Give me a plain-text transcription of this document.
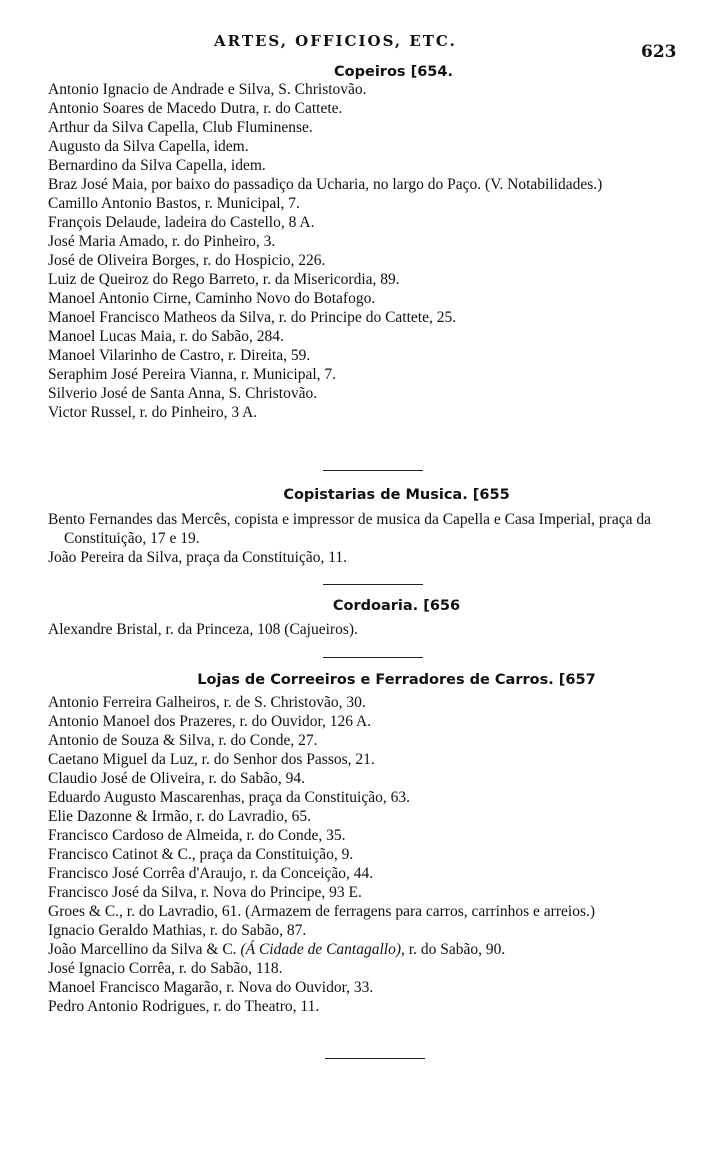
ARTES, OFFICIOS, ETC.
623
Copeiros [654.
Antonio Ignacio de Andrade e Silva, S. Christovão.
Antonio Soares de Macedo Dutra, r. do Cattete.
Arthur da Silva Capella, Club Fluminense.
Augusto da Silva Capella, idem.
Bernardino da Silva Capella, idem.
Braz José Maia, por baixo do passadiço da Ucharia, no largo do Paço. (V. Notabilidades.)
Camillo Antonio Bastos, r. Municipal, 7.
François Delaude, ladeira do Castello, 8 A.
José Maria Amado, r. do Pinheiro, 3.
José de Oliveira Borges, r. do Hospicio, 226.
Luiz de Queiroz do Rego Barreto, r. da Misericordia, 89.
Manoel Antonio Cirne, Caminho Novo do Botafogo.
Manoel Francisco Matheos da Silva, r. do Principe do Cattete, 25.
Manoel Lucas Maia, r. do Sabão, 284.
Manoel Vilarinho de Castro, r. Direita, 59.
Seraphim José Pereira Vianna, r. Municipal, 7.
Silverio José de Santa Anna, S. Christovão.
Victor Russel, r. do Pinheiro, 3 A.
Copistarias de Musica. [655
Bento Fernandes das Mercês, copista e impressor de musica da Capella e Casa Imperial, praça da Constituição, 17 e 19.
João Pereira da Silva, praça da Constituição, 11.
Cordoaria. [656
Alexandre Bristal, r. da Princeza, 108 (Cajueiros).
Lojas de Correeiros e Ferradores de Carros. [657
Antonio Ferreira Galheiros, r. de S. Christovão, 30.
Antonio Manoel dos Prazeres, r. do Ouvidor, 126 A.
Antonio de Souza & Silva, r. do Conde, 27.
Caetano Miguel da Luz, r. do Senhor dos Passos, 21.
Claudio José de Oliveira, r. do Sabão, 94.
Eduardo Augusto Mascarenhas, praça da Constituição, 63.
Elie Dazonne & Irmão, r. do Lavradio, 65.
Francisco Cardoso de Almeida, r. do Conde, 35.
Francisco Catinot & C., praça da Constituição, 9.
Francisco José Corrêa d'Araujo, r. da Conceição, 44.
Francisco José da Silva, r. Nova do Principe, 93 E.
Groes & C., r. do Lavradio, 61. (Armazem de ferragens para carros, carrinhos e arreios.)
Ignacio Geraldo Mathias, r. do Sabão, 87.
João Marcellino da Silva & C. (Á Cidade de Cantagallo), r. do Sabão, 90.
José Ignacio Corrêa, r. do Sabão, 118.
Manoel Francisco Magarão, r. Nova do Ouvidor, 33.
Pedro Antonio Rodrigues, r. do Theatro, 11.
